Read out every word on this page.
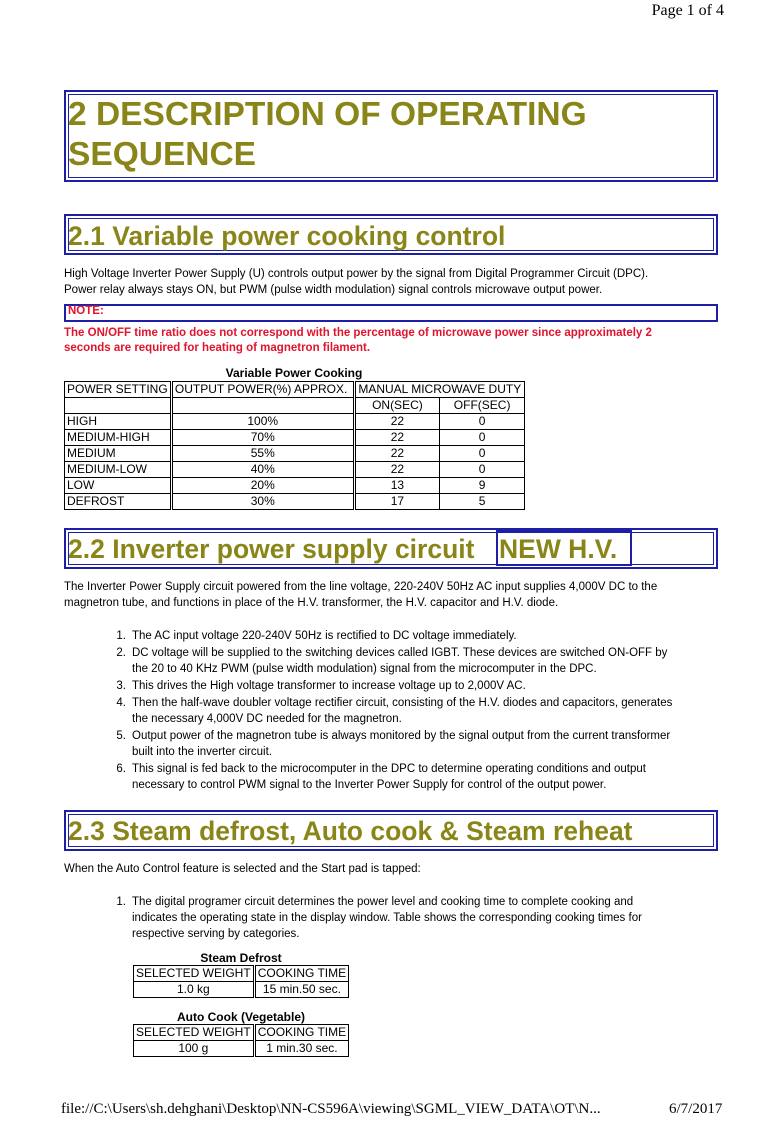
Page 1 of 4
2 DESCRIPTION OF OPERATING SEQUENCE
2.1 Variable power cooking control
High Voltage Inverter Power Supply (U) controls output power by the signal from Digital Programmer Circuit (DPC).
Power relay always stays ON, but PWM (pulse width modulation) signal controls microwave output power.
NOTE:
The ON/OFF time ratio does not correspond with the percentage of microwave power since approximately 2
seconds are required for heating of magnetron filament.
Variable Power Cooking
POWER SETTING	OUTPUT POWER(%) APPROX.	MANUAL MICROWAVE DUTY	
		ON(SEC)	OFF(SEC)
HIGH	100%	22	0
MEDIUM-HIGH	70%	22	0
MEDIUM	55%	22	0
MEDIUM-LOW	40%	22	0
LOW	20%	13	9
DEFROST	30%	17	5
2.2 Inverter power supply circuit NEW H.V.
The Inverter Power Supply circuit powered from the line voltage, 220-240V 50Hz AC input supplies 4,000V DC to the
magnetron tube, and functions in place of the H.V. transformer, the H.V. capacitor and H.V. diode.
1. The AC input voltage 220-240V 50Hz is rectified to DC voltage immediately.
2. DC voltage will be supplied to the switching devices called IGBT. These devices are switched ON-OFF by
the 20 to 40 KHz PWM (pulse width modulation) signal from the microcomputer in the DPC.
3. This drives the High voltage transformer to increase voltage up to 2,000V AC.
4. Then the half-wave doubler voltage rectifier circuit, consisting of the H.V. diodes and capacitors, generates
the necessary 4,000V DC needed for the magnetron.
5. Output power of the magnetron tube is always monitored by the signal output from the current transformer
built into the inverter circuit.
6. This signal is fed back to the microcomputer in the DPC to determine operating conditions and output
necessary to control PWM signal to the Inverter Power Supply for control of the output power.
2.3 Steam defrost, Auto cook & Steam reheat
When the Auto Control feature is selected and the Start pad is tapped:
1. The digital programer circuit determines the power level and cooking time to complete cooking and
indicates the operating state in the display window. Table shows the corresponding cooking times for
respective serving by categories.
Steam Defrost
SELECTED WEIGHT	COOKING TIME
1.0 kg	15 min.50 sec.
Auto Cook (Vegetable)
SELECTED WEIGHT	COOKING TIME
100 g	1 min.30 sec.
file://C:\Users\sh.dehghani\Desktop\NN-CS596A\viewing\SGML_VIEW_DATA\OT\N...	6/7/2017
